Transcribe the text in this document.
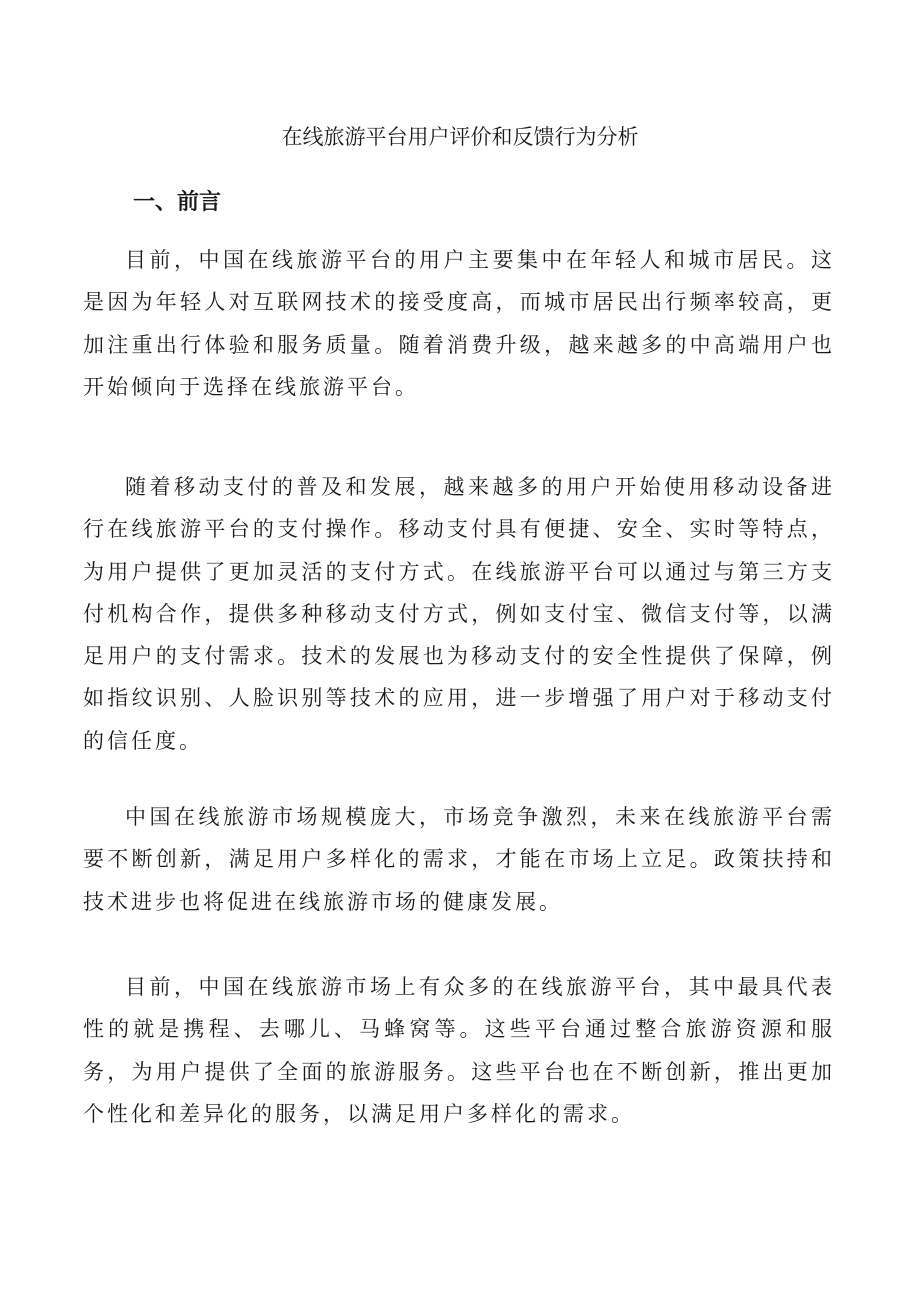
在线旅游平台用户评价和反馈行为分析
一、前言

目前，中国在线旅游平台的用户主要集中在年轻人和城市居民。这是因为年轻人对互联网技术的接受度高，而城市居民出行频率较高，更加注重出行体验和服务质量。随着消费升级，越来越多的中高端用户也开始倾向于选择在线旅游平台。

随着移动支付的普及和发展，越来越多的用户开始使用移动设备进行在线旅游平台的支付操作。移动支付具有便捷、安全、实时等特点，为用户提供了更加灵活的支付方式。在线旅游平台可以通过与第三方支付机构合作，提供多种移动支付方式，例如支付宝、微信支付等，以满足用户的支付需求。技术的发展也为移动支付的安全性提供了保障，例如指纹识别、人脸识别等技术的应用，进一步增强了用户对于移动支付的信任度。

中国在线旅游市场规模庞大，市场竞争激烈，未来在线旅游平台需要不断创新，满足用户多样化的需求，才能在市场上立足。政策扶持和技术进步也将促进在线旅游市场的健康发展。

目前，中国在线旅游市场上有众多的在线旅游平台，其中最具代表性的就是携程、去哪儿、马蜂窝等。这些平台通过整合旅游资源和服务，为用户提供了全面的旅游服务。这些平台也在不断创新，推出更加个性化和差异化的服务，以满足用户多样化的需求。
